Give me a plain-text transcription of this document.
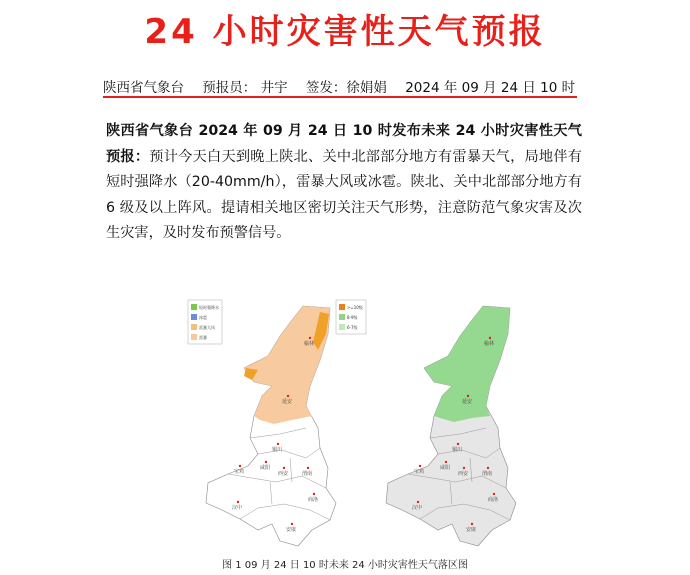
24 小时灾害性天气预报
陕西省气象台 预报员： 井宇 签发：徐娟娟 2024 年 09 月 24 日 10 时
陕西省气象台 2024 年 09 月 24 日 10 时发布未来 24 小时灾害性天气预报：预计今天白天到晚上陕北、关中北部部分地方有雷暴天气，局地伴有短时强降水（20-40mm/h），雷暴大风或冰雹。陕北、关中北部部分地方有 6 级及以上阵风。提请相关地区密切关注天气形势，注意防范气象灾害及次生灾害，及时发布预警信号。
短时强降水
冰雹
雷暴大风
雷暴
榆林
延安
铜川
渭南
西安
宝鸡
咸阳
汉中
安康
商洛
>=10级
8-9级
6-7级
榆林
延安
铜川
渭南
西安
宝鸡
咸阳
汉中
安康
商洛
图 1 09 月 24 日 10 时未来 24 小时灾害性天气落区图
